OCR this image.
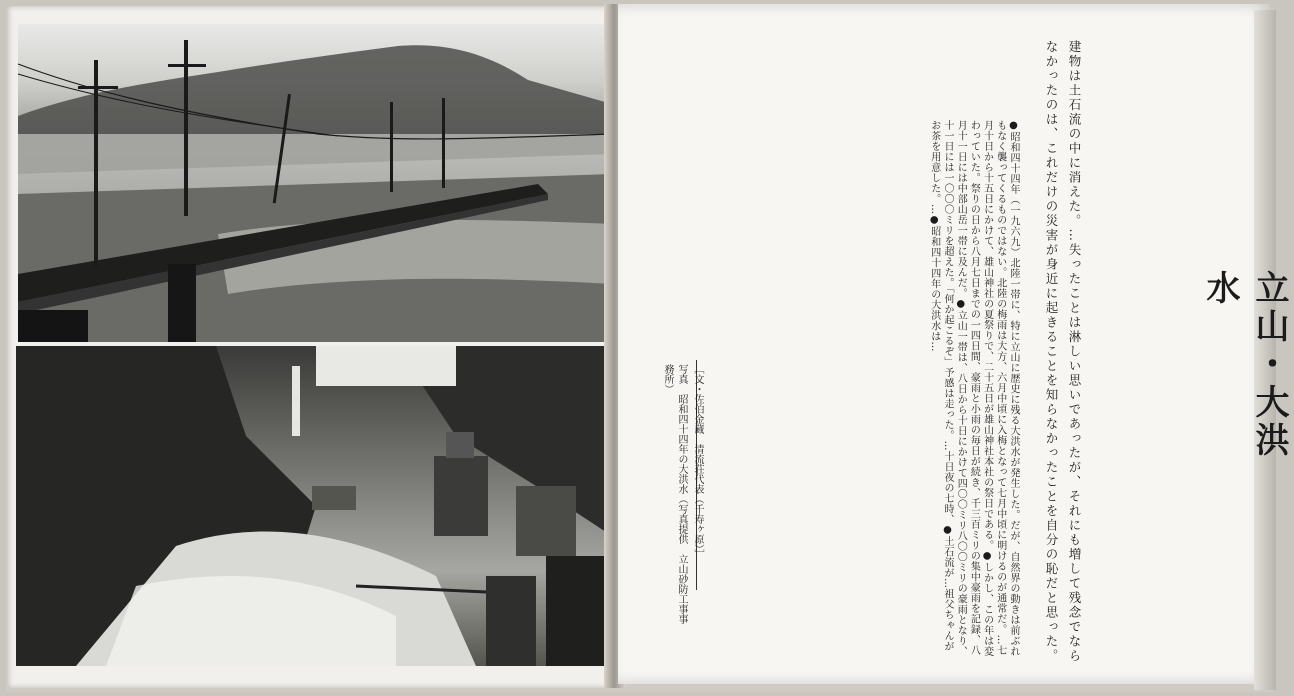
立山・大洪水
建物は土石流の中に消えた。…失ったことは淋しい思いであったが、それにも増して残念でならなかったのは、これだけの災害が身近に起きることを知らなかったことを自分の恥だと思った。
●昭和四十四年（一九六九）北陸一帯に、特に立山に歴史に残る大洪水が発生した。だが、自然界の動きは前ぶれもなく襲ってくるものではない。北陸の梅雨は大方、六月中頃に入梅となって七月中頃に明けるのが通常だ。…七月十日から十五日にかけて、雄山神社の夏祭りで、二十五日が雄山神社本社の祭日である。●しかし、この年は変わっていた。祭りの日から八月七日までの一四日間、豪雨と小雨の毎日が続き、千三百ミリの集中豪雨を記録、八月十一日には中部山岳一帯に及んだ。●立山一帯は、八日から十日にかけて四〇〇ミリ八〇〇ミリの豪雨となり、十一日には一〇〇〇ミリを超えた。「何か起こるぞ」予感は走った。…十日夜の七時、●土石流が…祖父ちゃんがお茶を用意した。…●昭和四十四年の大洪水は…
写真　昭和四十四年の大洪水（写真提供　立山砂防工事事務所）	［文・佐伯金蔵　清流荘代表（千寿ヶ原）］
